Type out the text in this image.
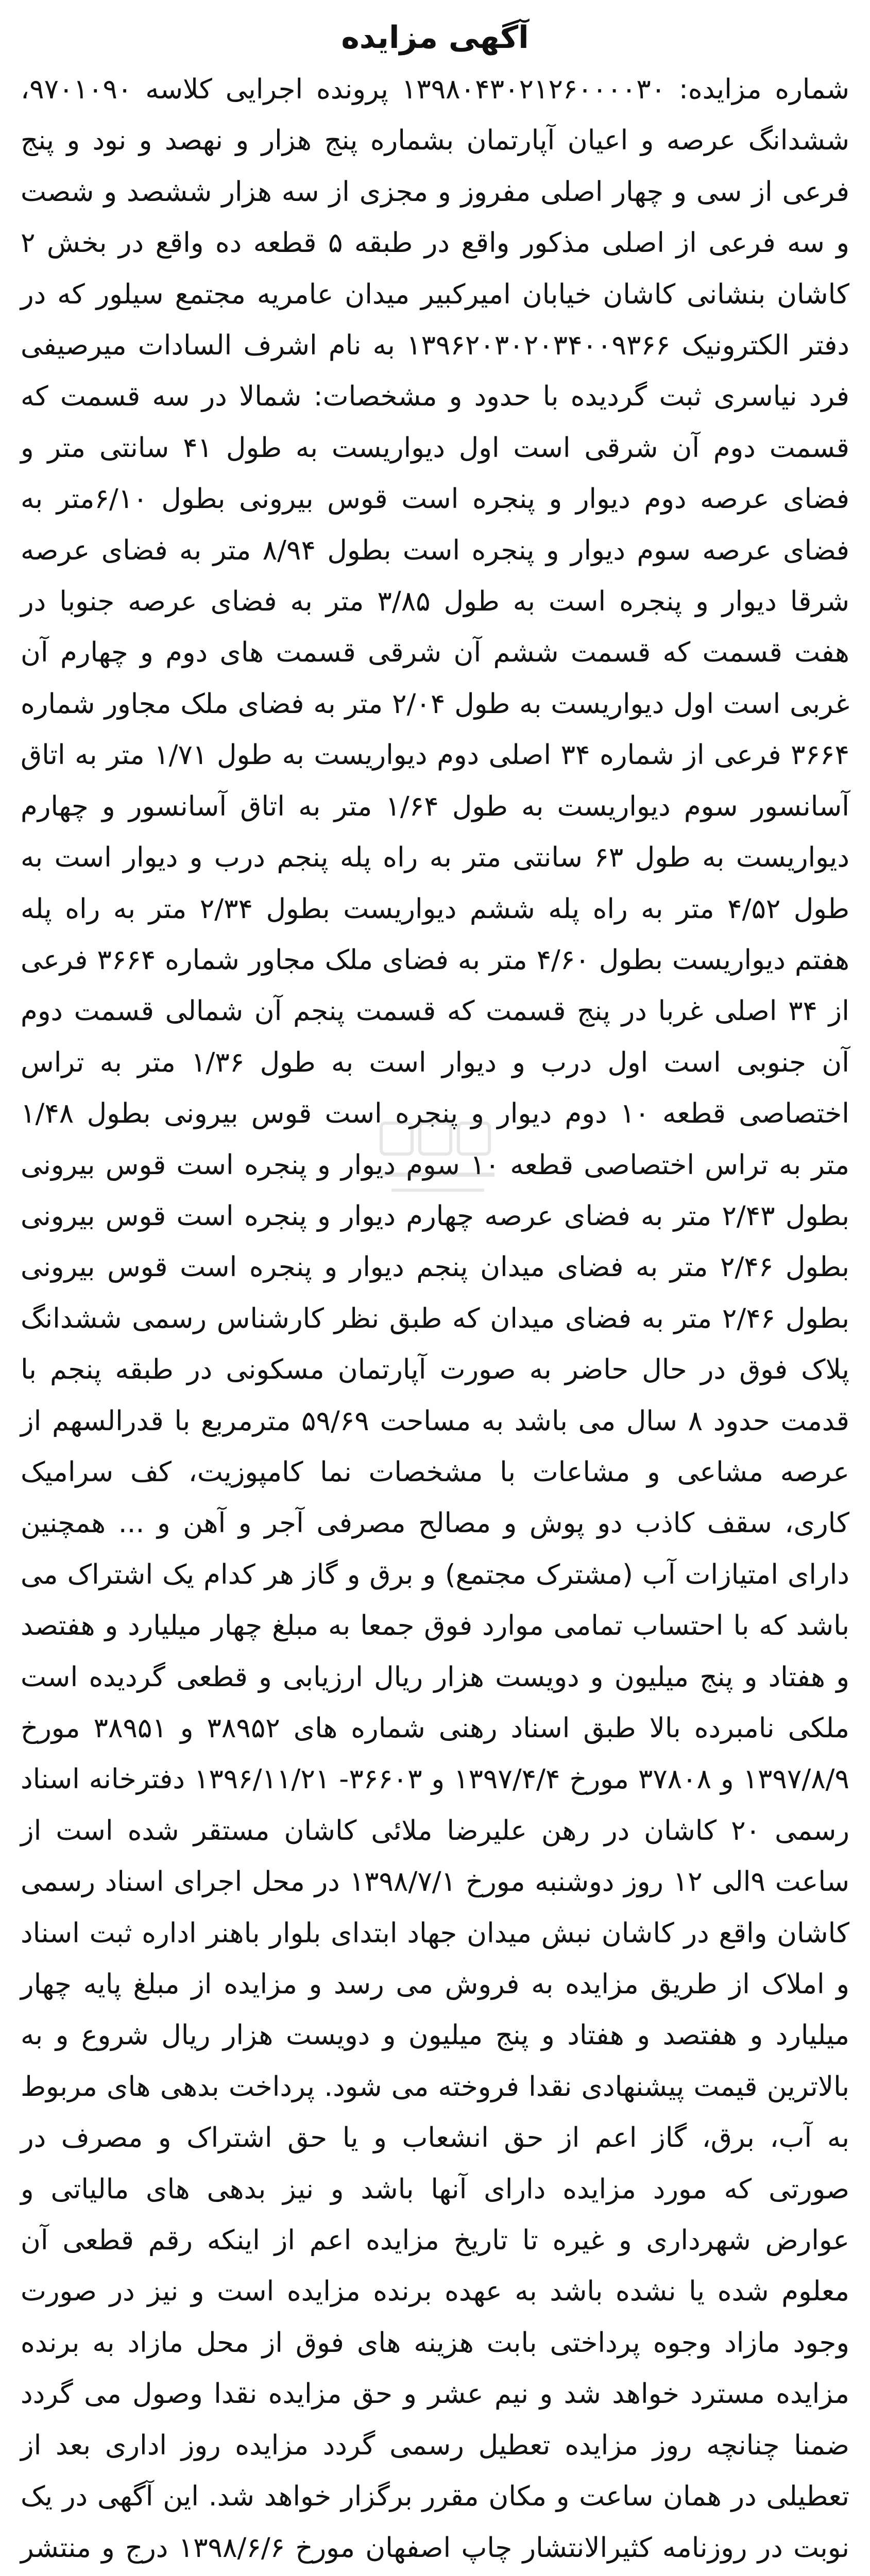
آگهی مزایده

شماره مزایده: ۱۳۹۸۰۴۳۰۲۱۲۶۰۰۰۰۳۰ پرونده اجرایی کلاسه ۹۷۰۱۰۹۰، ششدانگ عرصه و اعیان آپارتمان بشماره پنج هزار و نهصد و نود و پنج فرعی از سی و چهار اصلی مفروز و مجزی از سه هزار ششصد و شصت و سه فرعی از اصلی مذکور واقع در طبقه ۵ قطعه ده واقع در بخش ۲ کاشان بنشانی کاشان خیابان امیرکبیر میدان عامریه مجتمع سیلور که در دفتر الکترونیک ۱۳۹۶۲۰۳۰۲۰۳۴۰۰۹۳۶۶ به نام اشرف السادات میرصیفی فرد نیاسری ثبت گردیده با حدود و مشخصات: شمالا در سه قسمت که قسمت دوم آن شرقی است اول دیواریست به طول ۴۱ سانتی متر و فضای عرصه دوم دیوار و پنجره است قوس بیرونی بطول ۶/۱۰متر به فضای عرصه سوم دیوار و پنجره است بطول ۸/۹۴ متر به فضای عرصه شرقا دیوار و پنجره است به طول ۳/۸۵ متر به فضای عرصه جنوبا در هفت قسمت که قسمت ششم آن شرقی قسمت های دوم و چهارم آن غربی است اول دیواریست به طول ۲/۰۴ متر به فضای ملک مجاور شماره ۳۶۶۴ فرعی از شماره ۳۴ اصلی دوم دیواریست به طول ۱/۷۱ متر به اتاق آسانسور سوم دیواریست به طول ۱/۶۴ متر به اتاق آسانسور و چهارم دیواریست به طول ۶۳ سانتی متر به راه پله پنجم درب و دیوار است به طول ۴/۵۲ متر به راه پله ششم دیواریست بطول ۲/۳۴ متر به راه پله هفتم دیواریست بطول ۴/۶۰ متر به فضای ملک مجاور شماره ۳۶۶۴ فرعی از ۳۴ اصلی غربا در پنج قسمت که قسمت پنجم آن شمالی قسمت دوم آن جنوبی است اول درب و دیوار است به طول ۱/۳۶ متر به تراس اختصاصی قطعه ۱۰ دوم دیوار و پنجره است قوس بیرونی بطول ۱/۴۸ متر به تراس اختصاصی قطعه ۱۰ سوم دیوار و پنجره است قوس بیرونی بطول ۲/۴۳ متر به فضای عرصه چهارم دیوار و پنجره است قوس بیرونی بطول ۲/۴۶ متر به فضای میدان پنجم دیوار و پنجره است قوس بیرونی بطول ۲/۴۶ متر به فضای میدان که طبق نظر کارشناس رسمی ششدانگ پلاک فوق در حال حاضر به صورت آپارتمان مسکونی در طبقه پنجم با قدمت حدود ۸ سال می باشد به مساحت ۵۹/۶۹ مترمربع با قدرالسهم از عرصه مشاعی و مشاعات با مشخصات نما کامپوزیت، کف سرامیک کاری، سقف کاذب دو پوش و مصالح مصرفی آجر و آهن و ... همچنین دارای امتیازات آب (مشترک مجتمع) و برق و گاز هر کدام یک اشتراک می باشد که با احتساب تمامی موارد فوق جمعا به مبلغ چهار میلیارد و هفتصد و هفتاد و پنج میلیون و دویست هزار ریال ارزیابی و قطعی گردیده است ملکی نامبرده بالا طبق اسناد رهنی شماره های ۳۸۹۵۲ و ۳۸۹۵۱ مورخ ۱۳۹۷/۸/۹ و ۳۷۸۰۸ مورخ ۱۳۹۷/۴/۴ و ۳۶۶۰۳- ۱۳۹۶/۱۱/۲۱ دفترخانه اسناد رسمی ۲۰ کاشان در رهن علیرضا ملائی کاشان مستقر شده است از ساعت ۹الی ۱۲ روز دوشنبه مورخ ۱۳۹۸/۷/۱ در محل اجرای اسناد رسمی کاشان واقع در کاشان نبش میدان جهاد ابتدای بلوار باهنر اداره ثبت اسناد و املاک از طریق مزایده به فروش می رسد و مزایده از مبلغ پایه چهار میلیارد و هفتصد و هفتاد و پنج میلیون و دویست هزار ریال شروع و به بالاترین قیمت پیشنهادی نقدا فروخته می شود. پرداخت بدهی های مربوط به آب، برق، گاز اعم از حق انشعاب و یا حق اشتراک و مصرف در صورتی که مورد مزایده دارای آنها باشد و نیز بدهی های مالیاتی و عوارض شهرداری و غیره تا تاریخ مزایده اعم از اینکه رقم قطعی آن معلوم شده یا نشده باشد به عهده برنده مزایده است و نیز در صورت وجود مازاد وجوه پرداختی بابت هزینه های فوق از محل مازاد به برنده مزایده مسترد خواهد شد و نیم عشر و حق مزایده نقدا وصول می گردد ضمنا چنانچه روز مزایده تعطیل رسمی گردد مزایده روز اداری بعد از تعطیلی در همان ساعت و مکان مقرر برگزار خواهد شد. این آگهی در یک نوبت در روزنامه کثیرالانتشار چاپ اصفهان مورخ ۱۳۹۸/۶/۶ درج و منتشر
